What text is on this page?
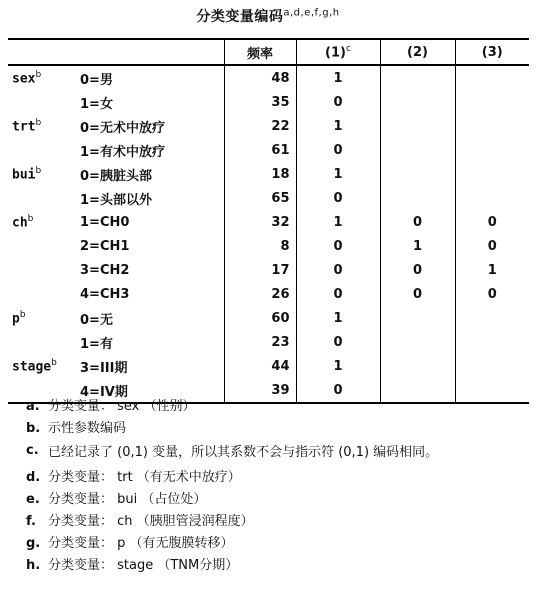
分类变量编码$^{a,d,e,f,g,h}$
		频率	$(1)^c$	(2)	(3)
sex$^b$	0=男	48	1		
	1=女	35	0		
trt$^b$	0=无术中放疗	22	1		
	1=有术中放疗	61	0		
bui$^b$	0=胰脏头部	18	1		
	1=头部以外	65	0		
$ch^b$	1=CH0	32	1	0	0
	2=CH1	8	0	1	0
	3=CH2	17	0	0	1
	4=CH3	26	0	0	0
$p^b$	0=无	60	1		
	1=有	23	0		
stage$^b$	3=III期	44	1		
	4=IV期	39	0		
a. 分类变量： sex （性别）
b. 示性参数编码
c. 已经记录了 (0,1) 变量，所以其系数不会与指示符 (0,1) 编码相同。
d. 分类变量： trt （有无术中放疗）
e. 分类变量： bui （占位处）
f. 分类变量： ch （胰胆管浸润程度）
g. 分类变量： p （有无腹膜转移）
h. 分类变量： stage （TNM分期）
